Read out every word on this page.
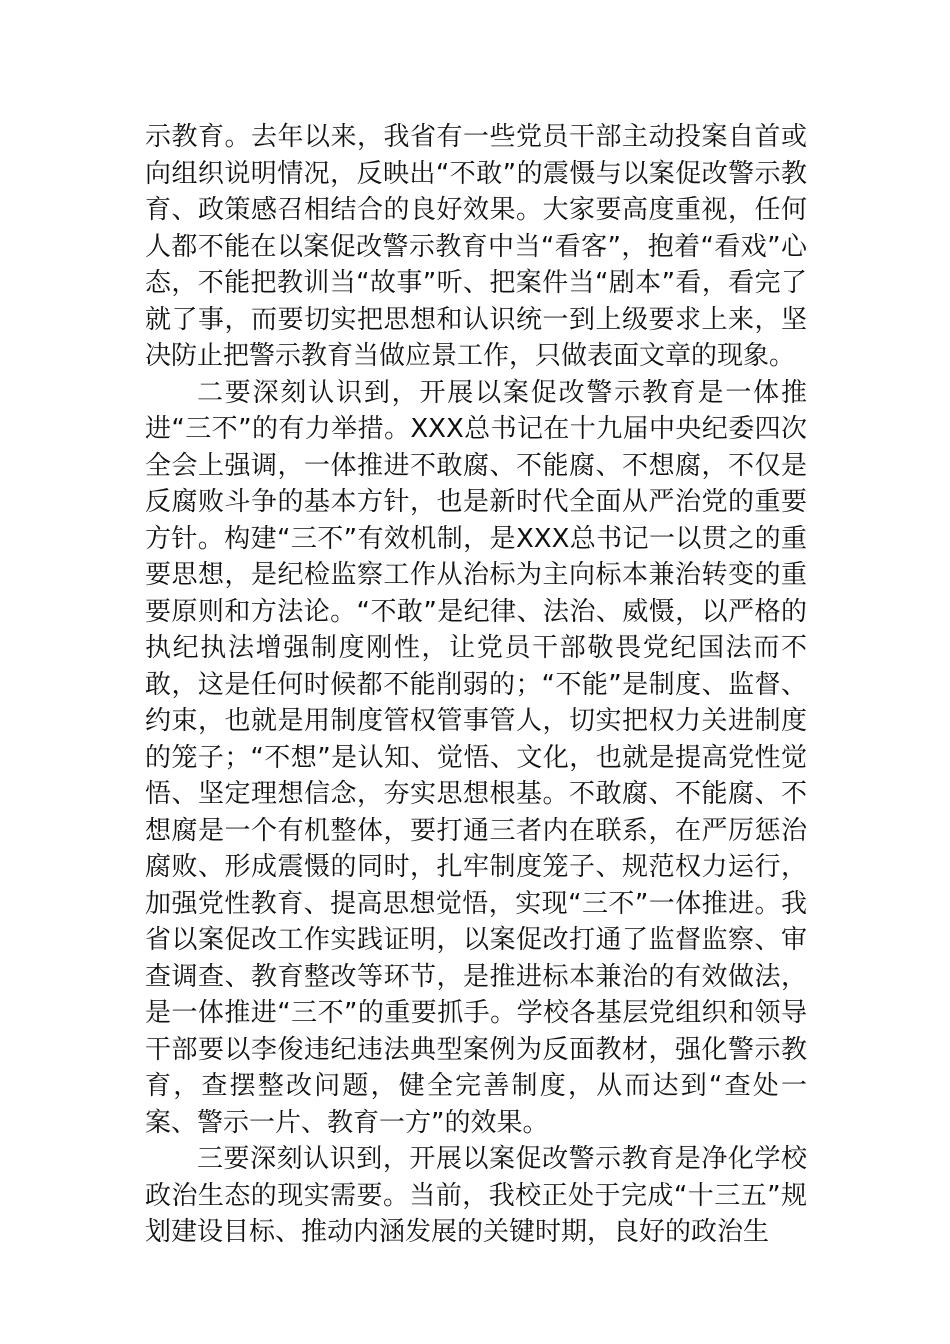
示教育。去年以来，我省有一些党员干部主动投案自首或向组织说明情况，反映出“不敢”的震慑与以案促改警示教育、政策感召相结合的良好效果。大家要高度重视，任何人都不能在以案促改警示教育中当“看客”，抱着“看戏”心态，不能把教训当“故事”听、把案件当“剧本”看，看完了就了事，而要切实把思想和认识统一到上级要求上来，坚决防止把警示教育当做应景工作，只做表面文章的现象。

二要深刻认识到，开展以案促改警示教育是一体推进“三不”的有力举措。XXX总书记在十九届中央纪委四次全会上强调，一体推进不敢腐、不能腐、不想腐，不仅是反腐败斗争的基本方针，也是新时代全面从严治党的重要方针。构建“三不”有效机制，是XXX总书记一以贯之的重要思想，是纪检监察工作从治标为主向标本兼治转变的重要原则和方法论。“不敢”是纪律、法治、威慑，以严格的执纪执法增强制度刚性，让党员干部敬畏党纪国法而不敢，这是任何时候都不能削弱的；“不能”是制度、监督、约束，也就是用制度管权管事管人，切实把权力关进制度的笼子；“不想”是认知、觉悟、文化，也就是提高党性觉悟、坚定理想信念，夯实思想根基。不敢腐、不能腐、不想腐是一个有机整体，要打通三者内在联系，在严厉惩治腐败、形成震慑的同时，扎牢制度笼子、规范权力运行，加强党性教育、提高思想觉悟，实现“三不”一体推进。我省以案促改工作实践证明，以案促改打通了监督监察、审查调查、教育整改等环节，是推进标本兼治的有效做法，是一体推进“三不”的重要抓手。学校各基层党组织和领导干部要以李俊违纪违法典型案例为反面教材，强化警示教育，查摆整改问题，健全完善制度，从而达到“查处一案、警示一片、教育一方”的效果。

三要深刻认识到，开展以案促改警示教育是净化学校政治生态的现实需要。当前，我校正处于完成“十三五”规划建设目标、推动内涵发展的关键时期，良好的政治生
